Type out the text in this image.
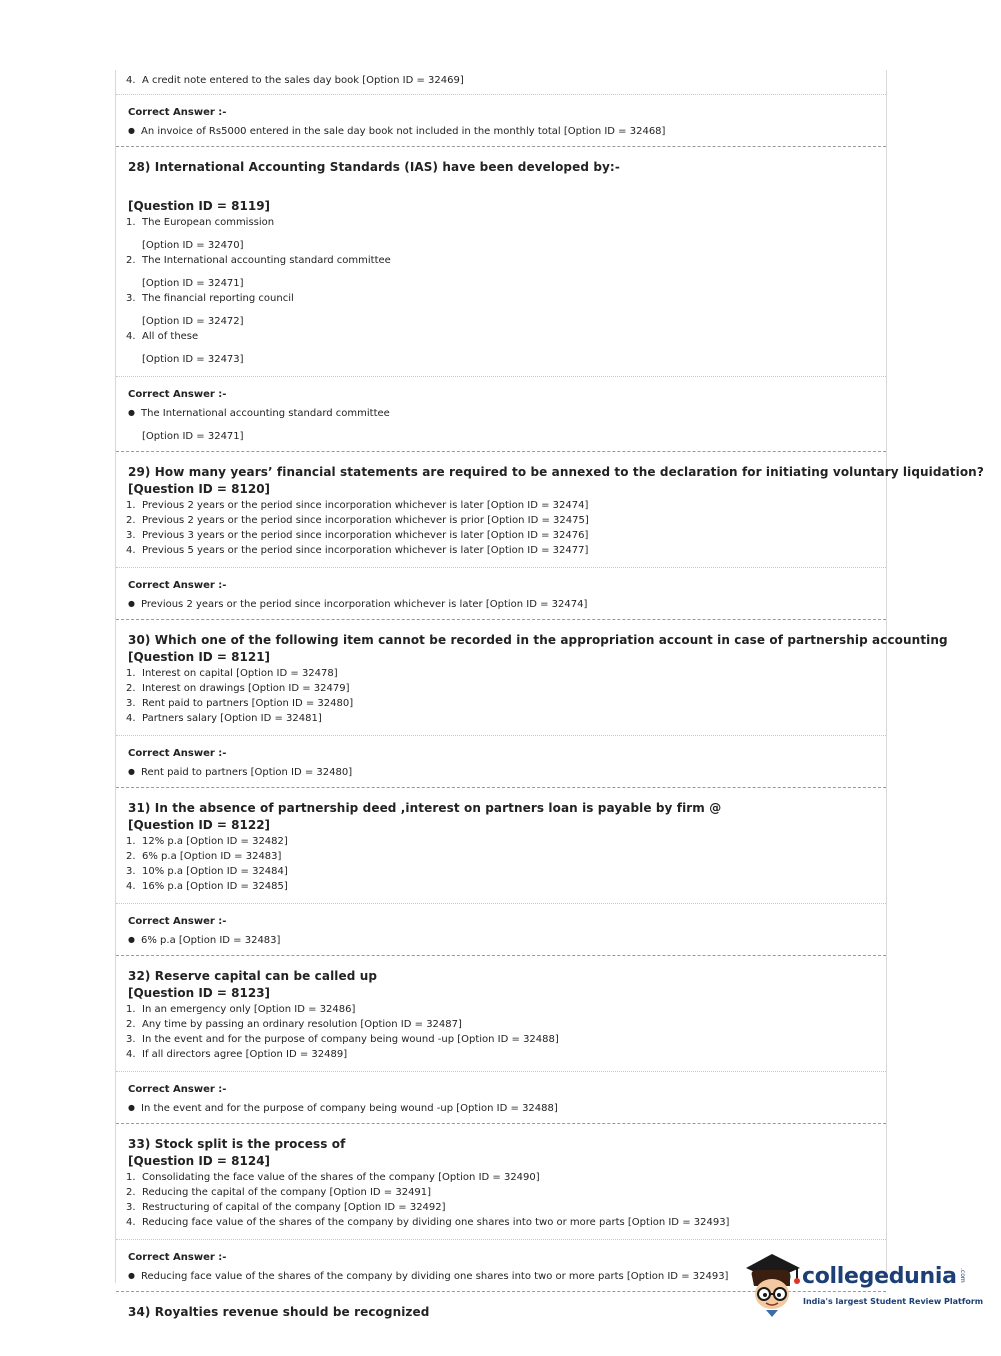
4. A credit note entered to the sales day book [Option ID = 32469]
Correct Answer :-
● An invoice of Rs5000 entered in the sale day book not included in the monthly total [Option ID = 32468]
28) International Accounting Standards (IAS) have been developed by:-
[Question ID = 8119]
1. The European commission
[Option ID = 32470]
2. The International accounting standard committee
[Option ID = 32471]
3. The financial reporting council
[Option ID = 32472]
4. All of these
[Option ID = 32473]
Correct Answer :-
● The International accounting standard committee
[Option ID = 32471]
29) How many years’ financial statements are required to be annexed to the declaration for initiating voluntary liquidation?
[Question ID = 8120]
1. Previous 2 years or the period since incorporation whichever is later [Option ID = 32474]
2. Previous 2 years or the period since incorporation whichever is prior [Option ID = 32475]
3. Previous 3 years or the period since incorporation whichever is later [Option ID = 32476]
4. Previous 5 years or the period since incorporation whichever is later [Option ID = 32477]
Correct Answer :-
● Previous 2 years or the period since incorporation whichever is later [Option ID = 32474]
30) Which one of the following item cannot be recorded in the appropriation account in case of partnership accounting
[Question ID = 8121]
1. Interest on capital [Option ID = 32478]
2. Interest on drawings [Option ID = 32479]
3. Rent paid to partners [Option ID = 32480]
4. Partners salary [Option ID = 32481]
Correct Answer :-
● Rent paid to partners [Option ID = 32480]
31) In the absence of partnership deed ,interest on partners loan is payable by firm @
[Question ID = 8122]
1. 12% p.a [Option ID = 32482]
2. 6% p.a [Option ID = 32483]
3. 10% p.a [Option ID = 32484]
4. 16% p.a [Option ID = 32485]
Correct Answer :-
● 6% p.a [Option ID = 32483]
32) Reserve capital can be called up
[Question ID = 8123]
1. In an emergency only [Option ID = 32486]
2. Any time by passing an ordinary resolution [Option ID = 32487]
3. In the event and for the purpose of company being wound -up [Option ID = 32488]
4. If all directors agree [Option ID = 32489]
Correct Answer :-
● In the event and for the purpose of company being wound -up [Option ID = 32488]
33) Stock split is the process of
[Question ID = 8124]
1. Consolidating the face value of the shares of the company [Option ID = 32490]
2. Reducing the capital of the company [Option ID = 32491]
3. Restructuring of capital of the company [Option ID = 32492]
4. Reducing face value of the shares of the company by dividing one shares into two or more parts [Option ID = 32493]
Correct Answer :-
● Reducing face value of the shares of the company by dividing one shares into two or more parts [Option ID = 32493]
34) Royalties revenue should be recognized
collegedunia .com
India's largest Student Review Platform
